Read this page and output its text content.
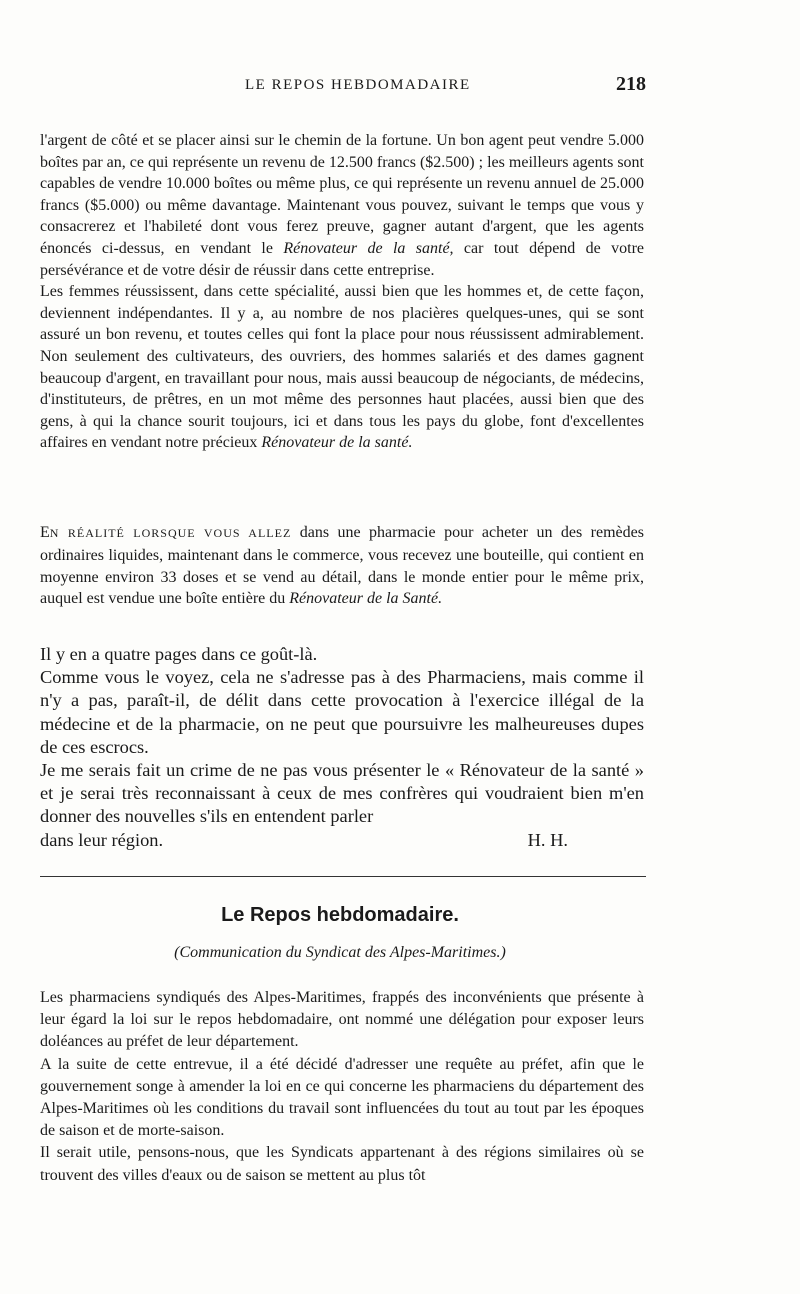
LE REPOS HEBDOMADAIRE	218

l'argent de côté et se placer ainsi sur le chemin de la fortune. Un bon agent peut vendre 5.000 boîtes par an, ce qui représente un revenu de 12.500 francs ($2.500) ; les meilleurs agents sont capables de vendre 10.000 boîtes ou même plus, ce qui représente un revenu annuel de 25.000 francs ($5.000) ou même davantage. Maintenant vous pouvez, suivant le temps que vous y consacrerez et l'habileté dont vous ferez preuve, gagner autant d'argent, que les agents énoncés ci-dessus, en vendant le Rénovateur de la santé, car tout dépend de votre persévérance et de votre désir de réussir dans cette entreprise.

Les femmes réussissent, dans cette spécialité, aussi bien que les hommes et, de cette façon, deviennent indépendantes. Il y a, au nombre de nos placières quelques-unes, qui se sont assuré un bon revenu, et toutes celles qui font la place pour nous réussissent admirablement. Non seulement des cultivateurs, des ouvriers, des hommes salariés et des dames gagnent beaucoup d'argent, en travaillant pour nous, mais aussi beaucoup de négociants, de médecins, d'instituteurs, de prêtres, en un mot même des personnes haut placées, aussi bien que des gens, à qui la chance sourit toujours, ici et dans tous les pays du globe, font d'excellentes affaires en vendant notre précieux Rénovateur de la santé.

EN RÉALITÉ LORSQUE VOUS ALLEZ dans une pharmacie pour acheter un des remèdes ordinaires liquides, maintenant dans le commerce, vous recevez une bouteille, qui contient en moyenne environ 33 doses et se vend au détail, dans le monde entier pour le même prix, auquel est vendue une boîte entière du Rénovateur de la Santé.

Il y en a quatre pages dans ce goût-là.

Comme vous le voyez, cela ne s'adresse pas à des Pharmaciens, mais comme il n'y a pas, paraît-il, de délit dans cette provocation à l'exercice illégal de la médecine et de la pharmacie, on ne peut que poursuivre les malheureuses dupes de ces escrocs.

Je me serais fait un crime de ne pas vous présenter le « Rénovateur de la santé » et je serai très reconnaissant à ceux de mes confrères qui voudraient bien m'en donner des nouvelles s'ils en entendent parler

dans leur région.	H. H.
Le Repos hebdomadaire.
(Communication du Syndicat des Alpes-Maritimes.)

Les pharmaciens syndiqués des Alpes-Maritimes, frappés des inconvénients que présente à leur égard la loi sur le repos hebdomadaire, ont nommé une délégation pour exposer leurs doléances au préfet de leur département.

A la suite de cette entrevue, il a été décidé d'adresser une requête au préfet, afin que le gouvernement songe à amender la loi en ce qui concerne les pharmaciens du département des Alpes-Maritimes où les conditions du travail sont influencées du tout au tout par les époques de saison et de morte-saison.

Il serait utile, pensons-nous, que les Syndicats appartenant à des régions similaires où se trouvent des villes d'eaux ou de saison se mettent au plus tôt
